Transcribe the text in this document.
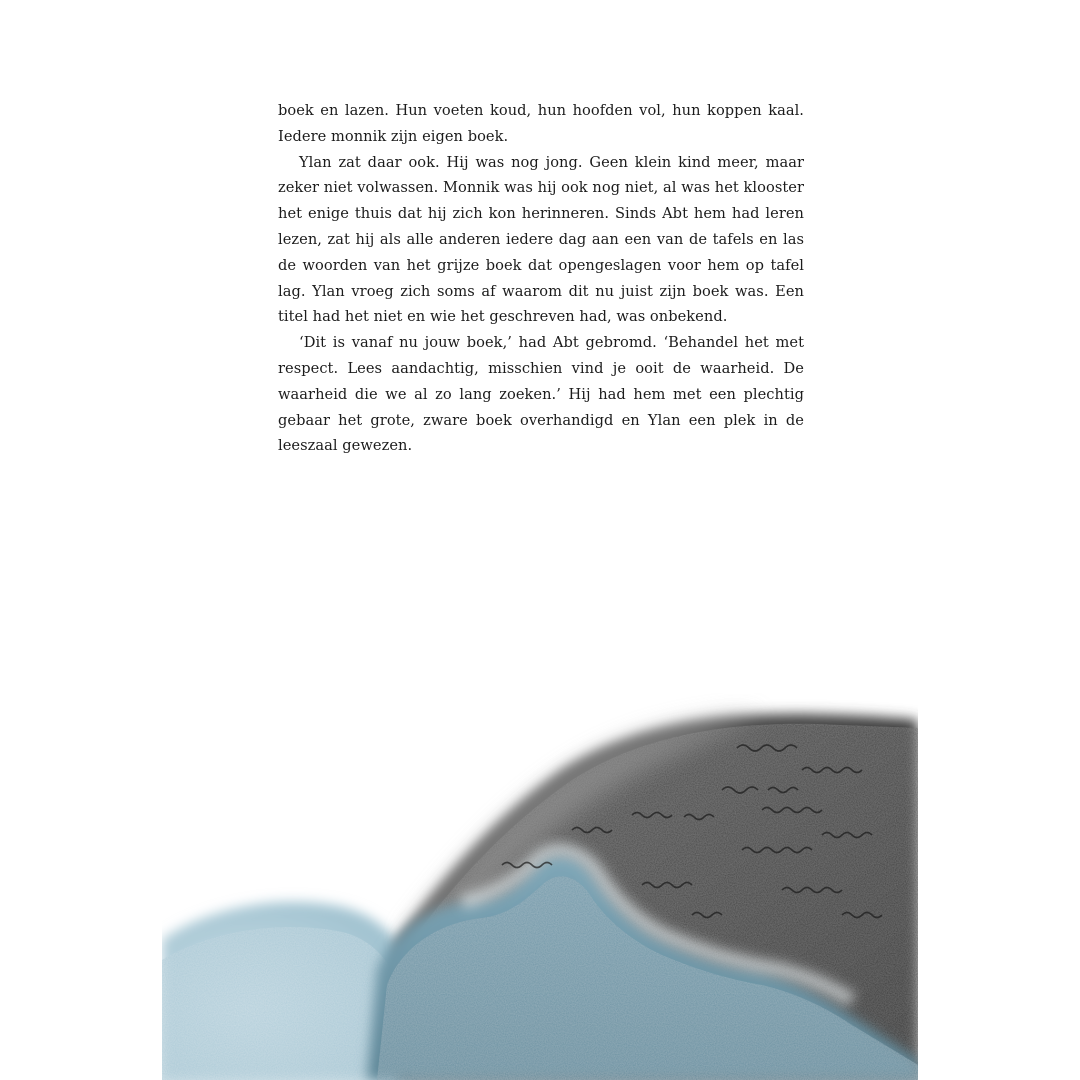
boek en lazen. Hun voeten koud, hun hoofden vol, hun koppen kaal. Iedere monnik zijn eigen boek.

Ylan zat daar ook. Hij was nog jong. Geen klein kind meer, maar zeker niet volwassen. Monnik was hij ook nog niet, al was het klooster het enige thuis dat hij zich kon herinneren. Sinds Abt hem had leren lezen, zat hij als alle anderen iedere dag aan een van de tafels en las de woorden van het grijze boek dat opengeslagen voor hem op tafel lag. Ylan vroeg zich soms af waarom dit nu juist zijn boek was. Een titel had het niet en wie het geschreven had, was onbekend.

‘Dit is vanaf nu jouw boek,’ had Abt gebromd. ‘Behandel het met respect. Lees aandachtig, misschien vind je ooit de waarheid. De waarheid die we al zo lang zoeken.’ Hij had hem met een plechtig gebaar het grote, zware boek overhandigd en Ylan een plek in de leeszaal gewezen.
